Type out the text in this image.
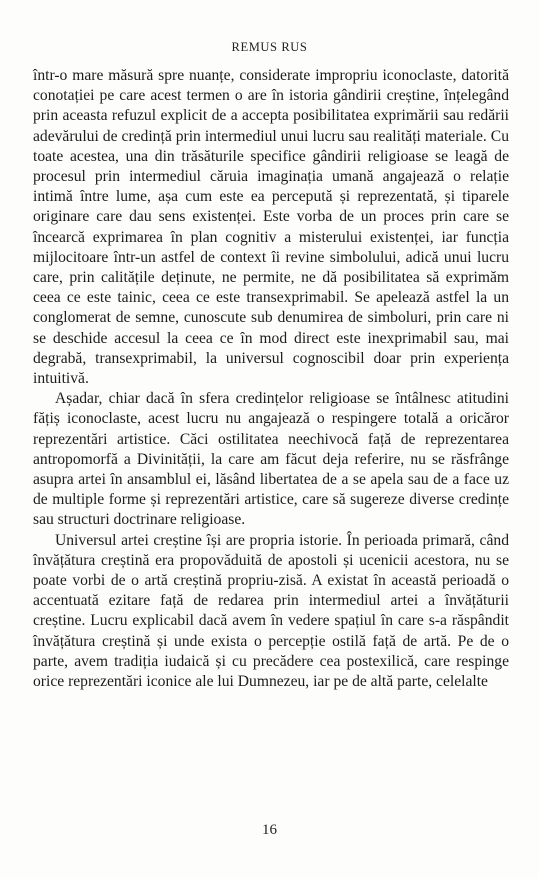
REMUS RUS

într-o mare măsură spre nuanțe, considerate impropriu iconoclaste, datorită conotației pe care acest termen o are în istoria gândirii creștine, înțelegând prin aceasta refuzul explicit de a accepta posibilitatea exprimării sau redării adevărului de credință prin intermediul unui lucru sau realități materiale. Cu toate acestea, una din trăsăturile specifice gândirii religioase se leagă de procesul prin intermediul căruia imaginația umană angajează o relație intimă între lume, așa cum este ea percepută și reprezentată, și tiparele originare care dau sens existenței. Este vorba de un proces prin care se încearcă exprimarea în plan cognitiv a misterului existenței, iar funcția mijlocitoare într-un astfel de context îi revine simbolului, adică unui lucru care, prin calitățile deținute, ne permite, ne dă posibilitatea să exprimăm ceea ce este tainic, ceea ce este transexprimabil. Se apelează astfel la un conglomerat de semne, cunoscute sub denumirea de simboluri, prin care ni se deschide accesul la ceea ce în mod direct este inexprimabil sau, mai degrabă, transexprimabil, la universul cognoscibil doar prin experiența intuitivă.

Așadar, chiar dacă în sfera credințelor religioase se întâlnesc atitudini fățiș iconoclaste, acest lucru nu angajează o respingere totală a oricăror reprezentări artistice. Căci ostilitatea neechivocă față de reprezentarea antropomorfă a Divinității, la care am făcut deja referire, nu se răsfrânge asupra artei în ansamblul ei, lăsând libertatea de a se apela sau de a face uz de multiple forme și reprezentări artistice, care să sugereze diverse credințe sau structuri doctrinare religioase.

Universul artei creștine își are propria istorie. În perioada primară, când învățătura creștină era propovăduită de apostoli și ucenicii acestora, nu se poate vorbi de o artă creștină propriu-zisă. A existat în această perioadă o accentuată ezitare față de redarea prin intermediul artei a învățăturii creștine. Lucru explicabil dacă avem în vedere spațiul în care s-a răspândit învățătura creștină și unde exista o percepție ostilă față de artă. Pe de o parte, avem tradiția iudaică și cu precădere cea postexilică, care respinge orice reprezentări iconice ale lui Dumnezeu, iar pe de altă parte, celelalte

16
